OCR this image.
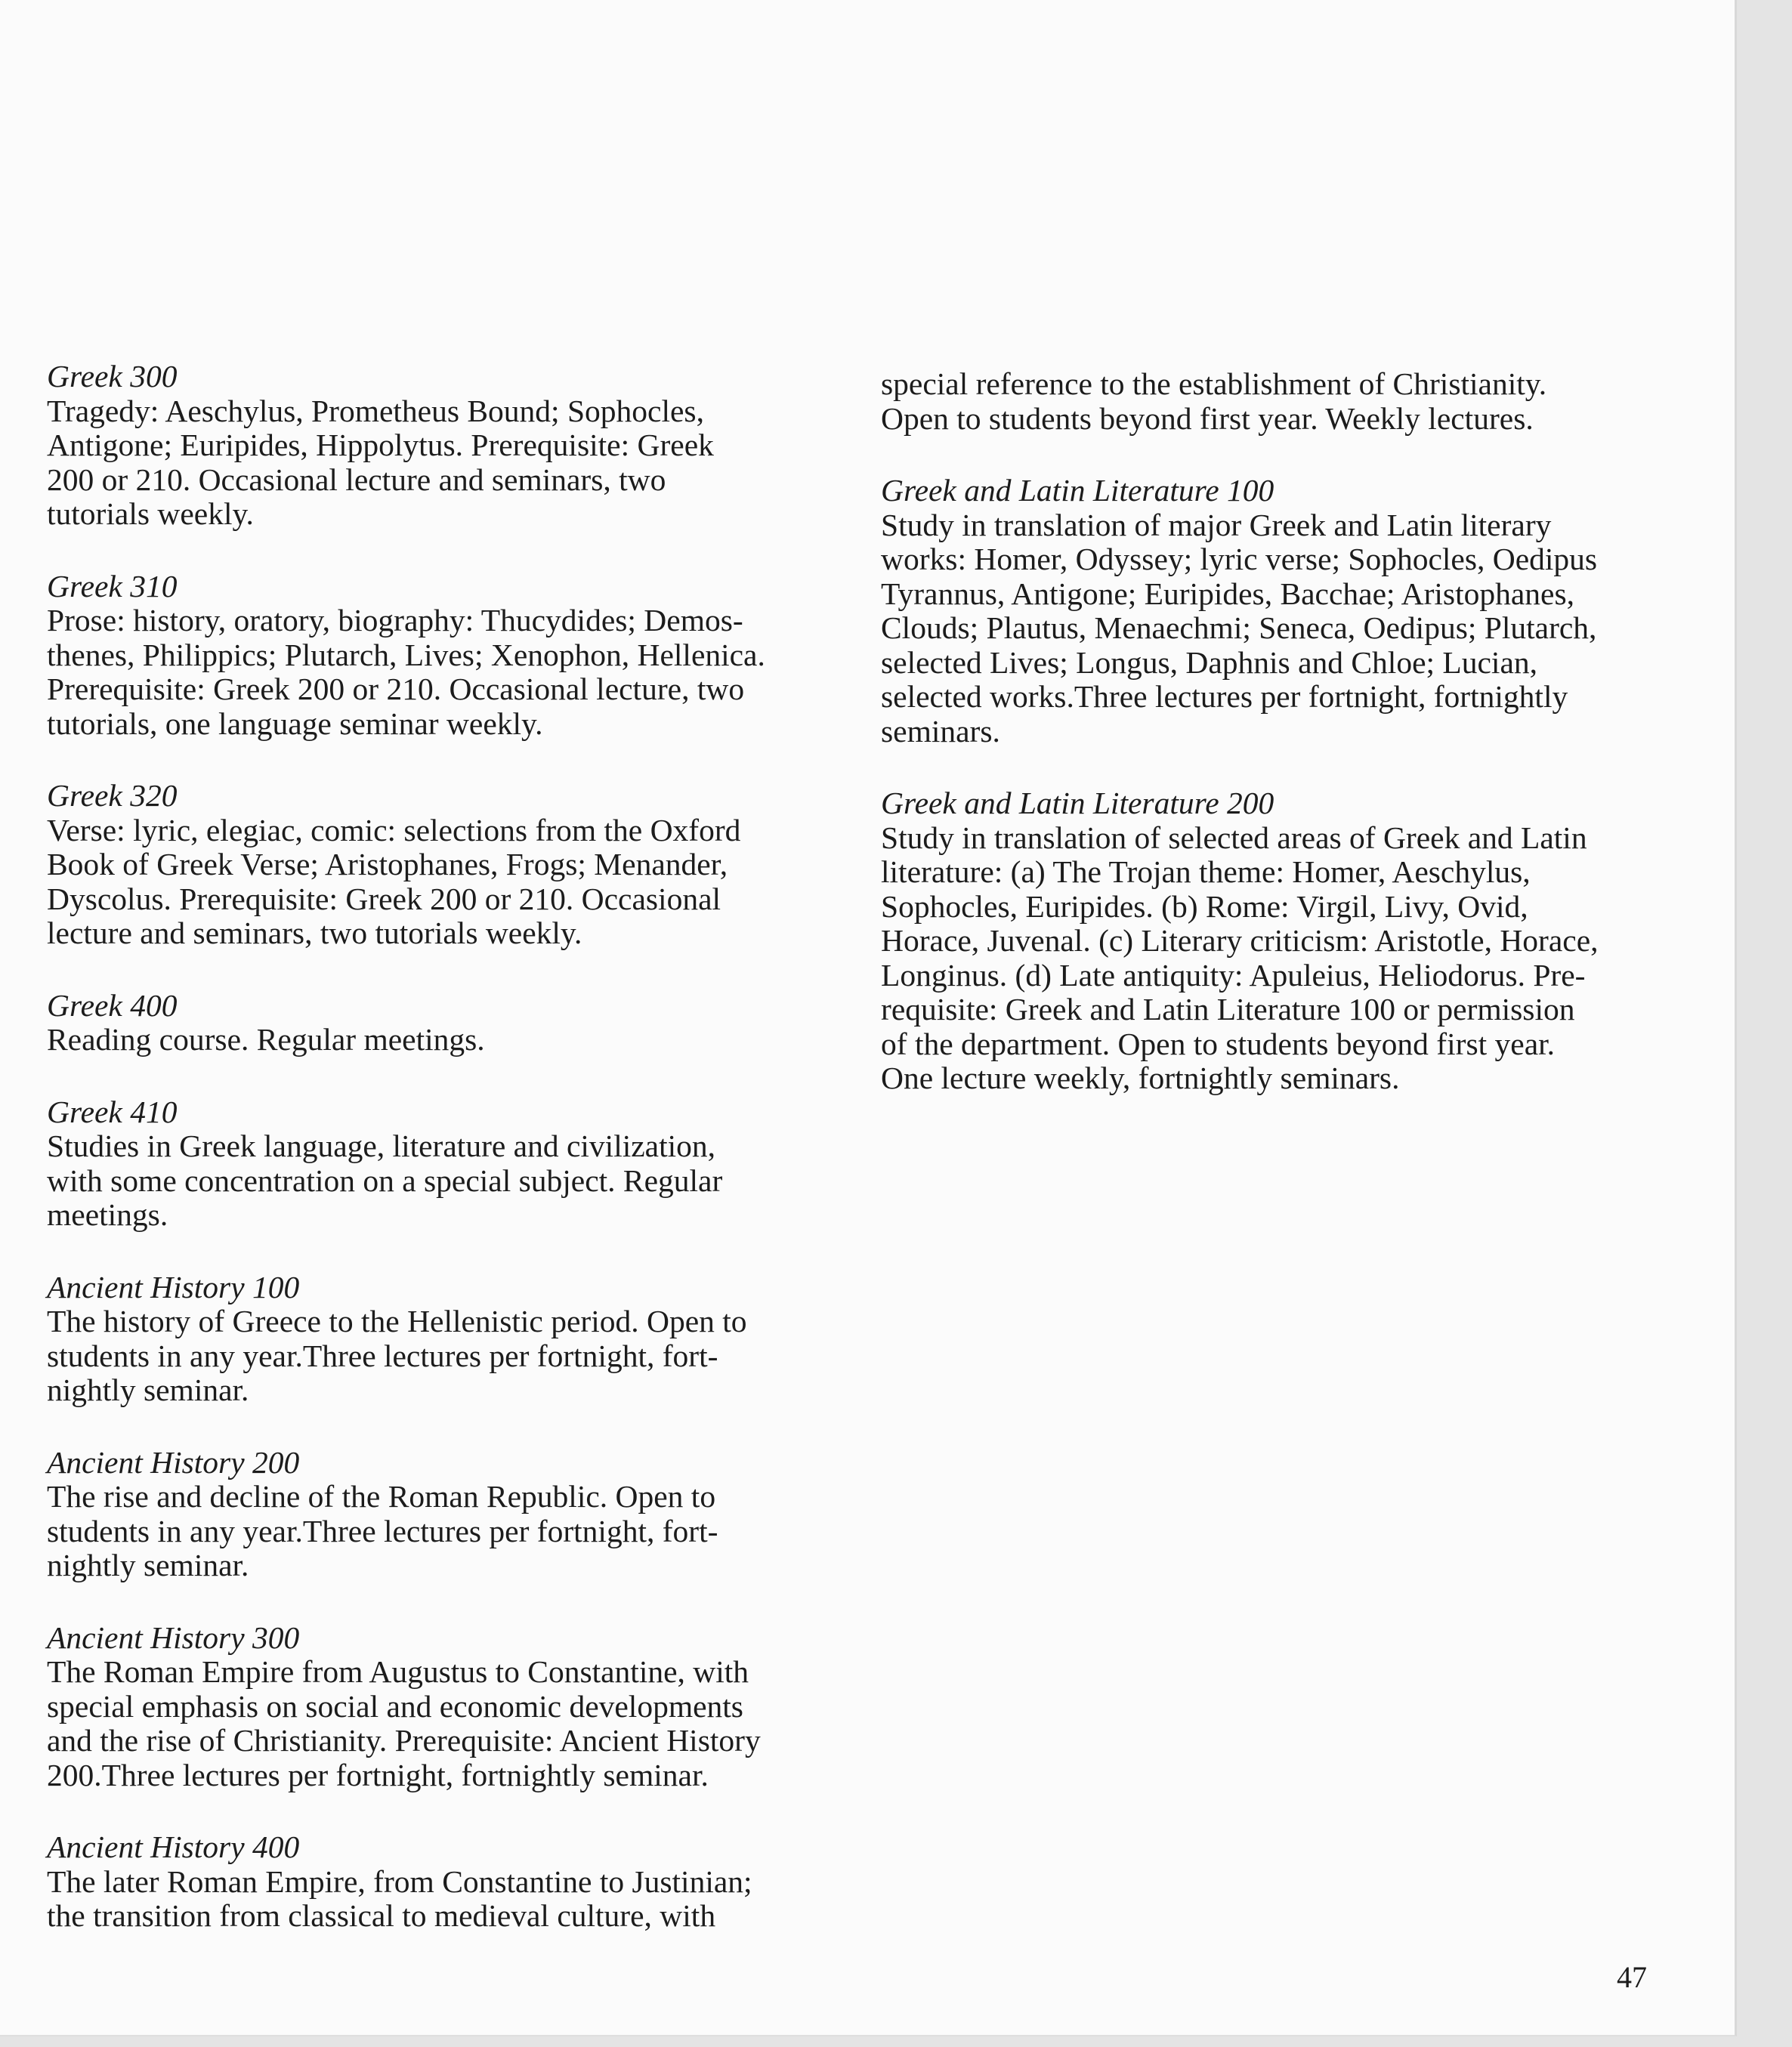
Greek 300

Tragedy: Aeschylus, Prometheus Bound; Sophocles,
Antigone; Euripides, Hippolytus. Prerequisite: Greek
200 or 210. Occasional lecture and seminars, two
tutorials weekly.

Greek 310

Prose: history, oratory, biography: Thucydides; Demos-
thenes, Philippics; Plutarch, Lives; Xenophon, Hellenica.
Prerequisite: Greek 200 or 210. Occasional lecture, two
tutorials, one language seminar weekly.

Greek 320

Verse: lyric, elegiac, comic: selections from the Oxford
Book of Greek Verse; Aristophanes, Frogs; Menander,
Dyscolus. Prerequisite: Greek 200 or 210. Occasional
lecture and seminars, two tutorials weekly.

Greek 400

Reading course. Regular meetings.

Greek 410

Studies in Greek language, literature and civilization,
with some concentration on a special subject. Regular
meetings.

Ancient History 100

The history of Greece to the Hellenistic period. Open to
students in any year.Three lectures per fortnight, fort-
nightly seminar.

Ancient History 200

The rise and decline of the Roman Republic. Open to
students in any year.Three lectures per fortnight, fort-
nightly seminar.

Ancient History 300

The Roman Empire from Augustus to Constantine, with
special emphasis on social and economic developments
and the rise of Christianity. Prerequisite: Ancient History
200.Three lectures per fortnight, fortnightly seminar.

Ancient History 400

The later Roman Empire, from Constantine to Justinian;
the transition from classical to medieval culture, with

special reference to the establishment of Christianity.
Open to students beyond first year. Weekly lectures.

Greek and Latin Literature 100

Study in translation of major Greek and Latin literary
works: Homer, Odyssey; lyric verse; Sophocles, Oedipus
Tyrannus, Antigone; Euripides, Bacchae; Aristophanes,
Clouds; Plautus, Menaechmi; Seneca, Oedipus; Plutarch,
selected Lives; Longus, Daphnis and Chloe; Lucian,
selected works.Three lectures per fortnight, fortnightly
seminars.

Greek and Latin Literature 200

Study in translation of selected areas of Greek and Latin
literature: (a) The Trojan theme: Homer, Aeschylus,
Sophocles, Euripides. (b) Rome: Virgil, Livy, Ovid,
Horace, Juvenal. (c) Literary criticism: Aristotle, Horace,
Longinus. (d) Late antiquity: Apuleius, Heliodorus. Pre-
requisite: Greek and Latin Literature 100 or permission
of the department. Open to students beyond first year.
One lecture weekly, fortnightly seminars.

47
